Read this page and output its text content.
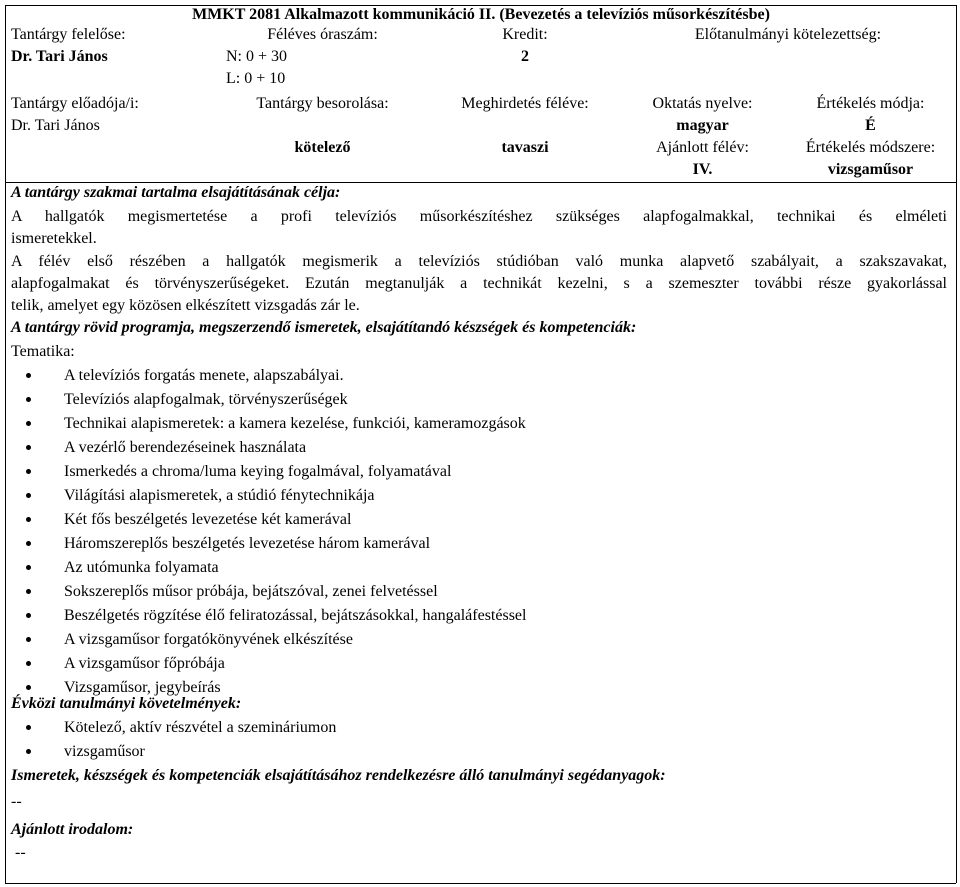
MMKT 2081 Alkalmazott kommunikáció II. (Bevezetés a televíziós műsorkészítésbe)
Tantárgy felelőse:
Dr. Tari János
Féléves óraszám:
N: 0 + 30
L: 0 + 10
Kredit:
2
Előtanulmányi kötelezettség:
Tantárgy előadója/i:
Dr. Tari János
Tantárgy besorolása:
kötelező
Meghirdetés féléve:
tavaszi
Oktatás nyelve:
magyar
Ajánlott félév:
IV.
Értékelés módja:
É
Értékelés módszere:
vizsgaműsor
A tantárgy szakmai tartalma elsajátításának célja:
A hallgatók megismertetése a profi televíziós műsorkészítéshez szükséges alapfogalmakkal, technikai és elméleti
ismeretekkel.
A félév első részében a hallgatók megismerik a televíziós stúdióban való munka alapvető szabályait, a szakszavakat,
alapfogalmakat és törvényszerűségeket. Ezután megtanulják a technikát kezelni, s a szemeszter további része gyakorlással
telik, amelyet egy közösen elkészített vizsgadás zár le.
A tantárgy rövid programja, megszerzendő ismeretek, elsajátítandó készségek és kompetenciák:
Tematika:
A televíziós forgatás menete, alapszabályai.
Televíziós alapfogalmak, törvényszerűségek
Technikai alapismeretek: a kamera kezelése, funkciói, kameramozgások
A vezérlő berendezéseinek használata
Ismerkedés a chroma/luma keying fogalmával, folyamatával
Világítási alapismeretek, a stúdió fénytechnikája
Két fős beszélgetés levezetése két kamerával
Háromszereplős beszélgetés levezetése három kamerával
Az utómunka folyamata
Sokszereplős műsor próbája, bejátszóval, zenei felvetéssel
Beszélgetés rögzítése élő feliratozással, bejátszásokkal, hangaláfestéssel
A vizsgaműsor forgatókönyvének elkészítése
A vizsgaműsor főpróbája
Vizsgaműsor, jegybeírás
Évközi tanulmányi követelmények:
Kötelező, aktív részvétel a szemináriumon
vizsgaműsor
Ismeretek, készségek és kompetenciák elsajátításához rendelkezésre álló tanulmányi segédanyagok:
--
Ajánlott irodalom:
--
